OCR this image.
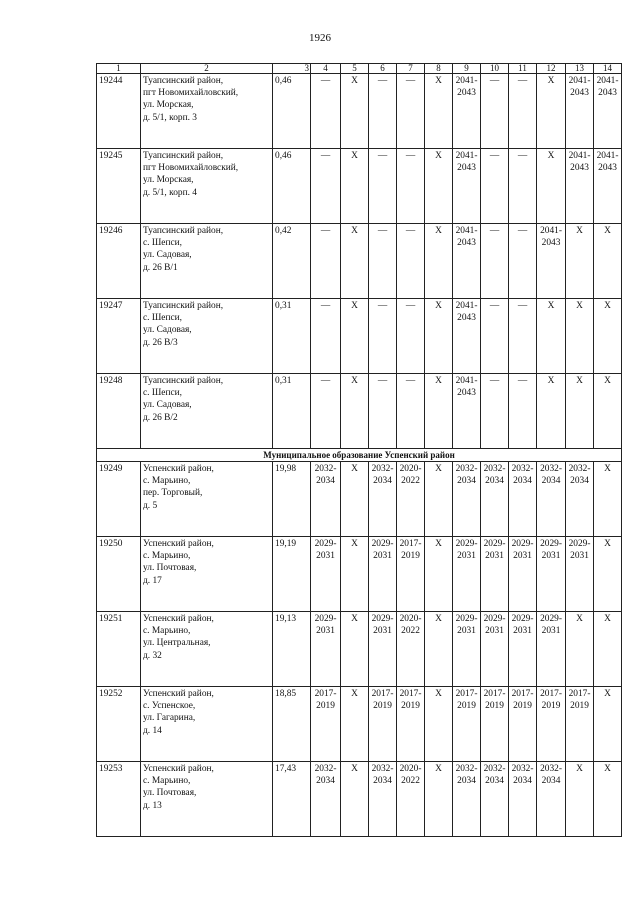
1926
1	2	3	4	5	6	7	8	9	10	11	12	13	14
19244	Туапсинский район,
пгт Новомихайловский,
ул. Морская,
д. 5/1, корп. 3	0,46	—	X	—	—	X	2041-2043	—	—	X	2041-2043	2041-2043
19245	Туапсинский район,
пгт Новомихайловский,
ул. Морская,
д. 5/1, корп. 4	0,46	—	X	—	—	X	2041-2043	—	—	X	2041-2043	2041-2043
19246	Туапсинский район,
с. Шепси,
ул. Садовая,
д. 26 В/1	0,42	—	X	—	—	X	2041-2043	—	—	2041-2043	X	X
19247	Туапсинский район,
с. Шепси,
ул. Садовая,
д. 26 В/3	0,31	—	X	—	—	X	2041-2043	—	—	X	X	X
19248	Туапсинский район,
с. Шепси,
ул. Садовая,
д. 26 В/2	0,31	—	X	—	—	X	2041-2043	—	—	X	X	X
Муниципальное образование Успенский район													
19249	Успенский район,
с. Марьино,
пер. Торговый,
д. 5	19,98	2032-2034	X	2032-2034	2020-2022	X	2032-2034	2032-2034	2032-2034	2032-2034	2032-2034	X
19250	Успенский район,
с. Марьино,
ул. Почтовая,
д. 17	19,19	2029-2031	X	2029-2031	2017-2019	X	2029-2031	2029-2031	2029-2031	2029-2031	2029-2031	X
19251	Успенский район,
с. Марьино,
ул. Центральная,
д. 32	19,13	2029-2031	X	2029-2031	2020-2022	X	2029-2031	2029-2031	2029-2031	2029-2031	X	X
19252	Успенский район,
с. Успенское,
ул. Гагарина,
д. 14	18,85	2017-2019	X	2017-2019	2017-2019	X	2017-2019	2017-2019	2017-2019	2017-2019	2017-2019	X
19253	Успенский район,
с. Марьино,
ул. Почтовая,
д. 13	17,43	2032-2034	X	2032-2034	2020-2022	X	2032-2034	2032-2034	2032-2034	2032-2034	X	X
